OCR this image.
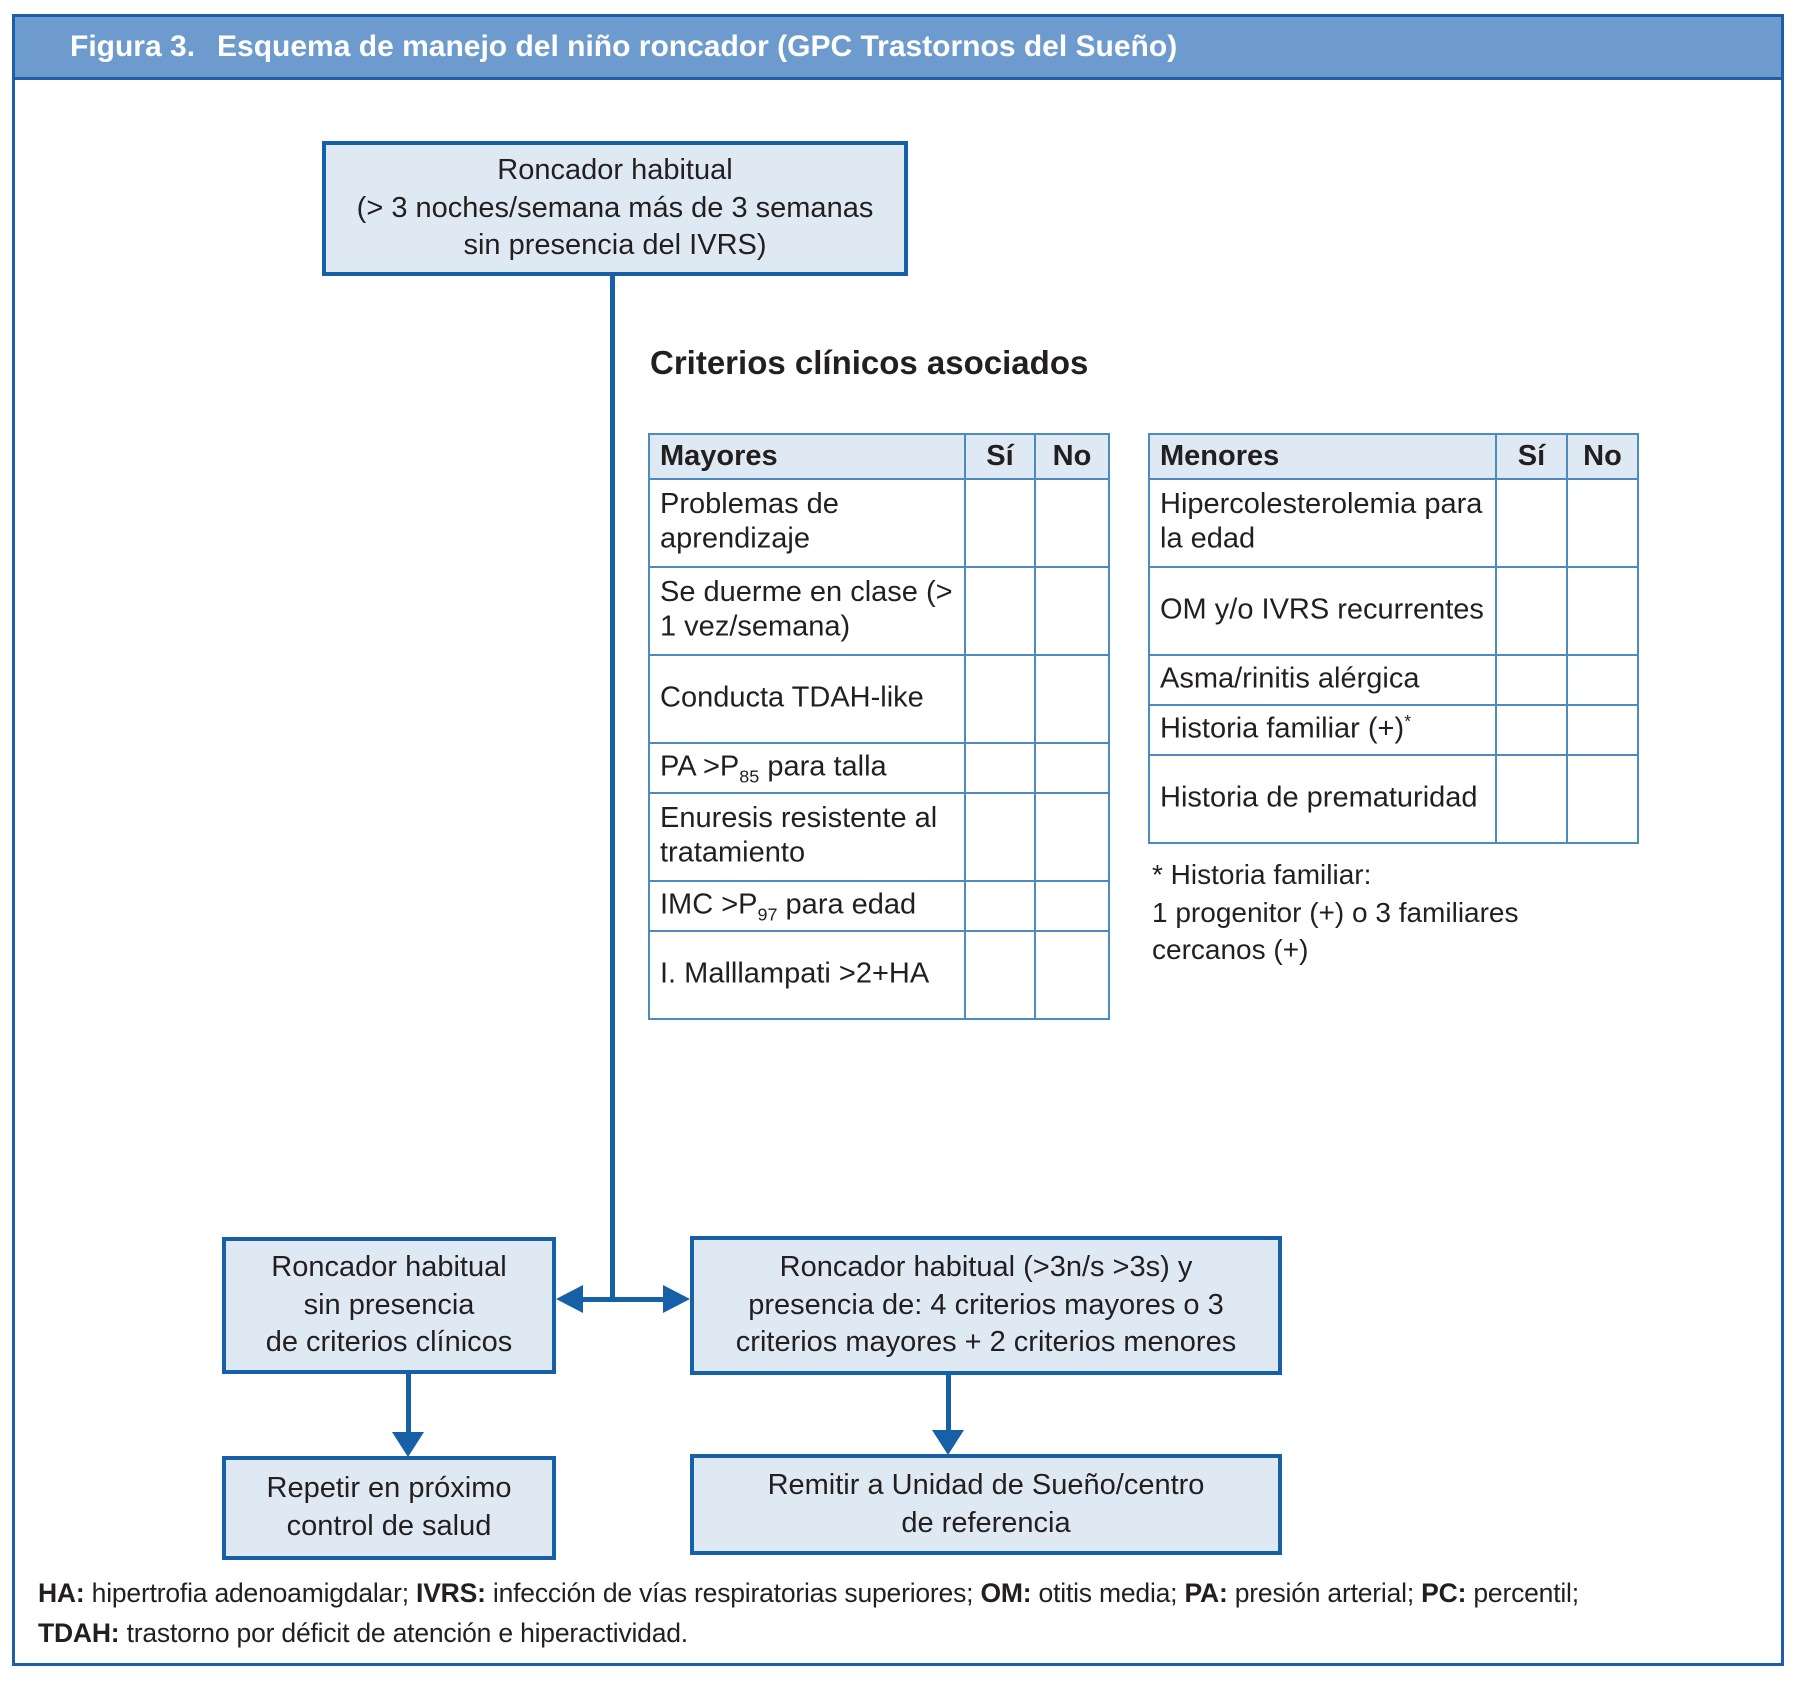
Figura 3. Esquema de manejo del niño roncador (GPC Trastornos del Sueño)
Roncador habitual
(> 3 noches/semana más de 3 semanas
sin presencia del IVRS)
Criterios clínicos asociados
Mayores	Sí	No
Problemas de aprendizaje		
Se duerme en clase (> 1 vez/semana)		
Conducta TDAH-like		
PA $>P_{85}$ para talla		
Enuresis resistente al tratamiento		
IMC $>P_{97}$ para edad		
I. Malllampati >2+HA		
Menores	Sí	No
Hipercolesterolemia para la edad		
OM y/o IVRS recurrentes		
Asma/rinitis alérgica		
Historia familiar (+)*		
Historia de prematuridad		
* Historia familiar:
1 progenitor (+) o 3 familiares
cercanos (+)
Roncador habitual
sin presencia
de criterios clínicos
Roncador habitual (>3n/s >3s) y
presencia de: 4 criterios mayores o 3
criterios mayores + 2 criterios menores
Repetir en próximo
control de salud
Remitir a Unidad de Sueño/centro
de referencia
HA: hipertrofia adenoamigdalar; IVRS: infección de vías respiratorias superiores; OM: otitis media; PA: presión arterial; PC: percentil;
TDAH: trastorno por déficit de atención e hiperactividad.
